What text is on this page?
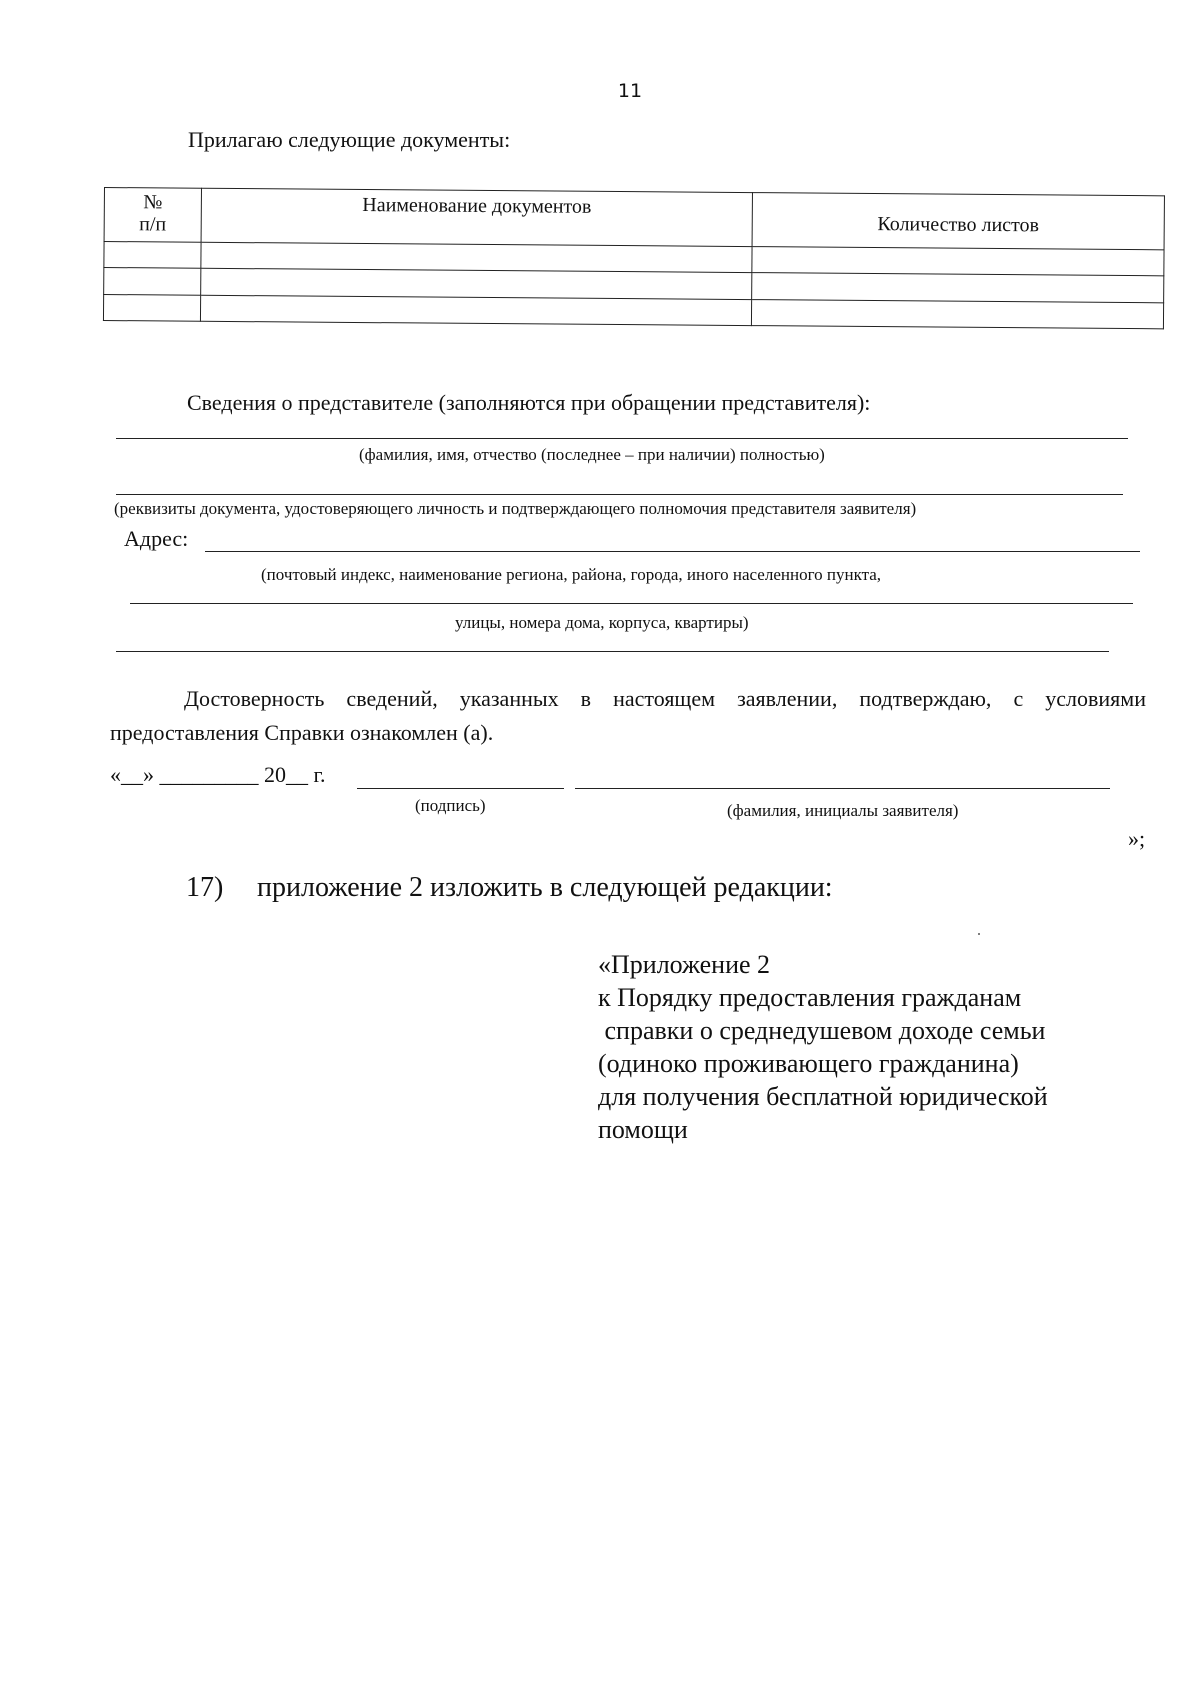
11
Прилагаю следующие документы:
№
п/п	Наименование документов	Количество листов

Сведения о представителе (заполняются при обращении представителя):
(фамилия, имя, отчество (последнее – при наличии) полностью)
(реквизиты документа, удостоверяющего личность и подтверждающего полномочия представителя заявителя)
Адрес:
(почтовый индекс, наименование региона, района, города, иного населенного пункта,
улицы, номера дома, корпуса, квартиры)
Достоверность сведений, указанных в настоящем заявлении, подтверждаю, с условиями
предоставления Справки ознакомлен (а).
«__» _________ 20__ г.
(подпись)	(фамилия, инициалы заявителя)
»;
17) приложение 2 изложить в следующей редакции:
«Приложение 2
к Порядку предоставления гражданам
справки о среднедушевом доходе семьи
(одиноко проживающего гражданина)
для получения бесплатной юридической
помощи
